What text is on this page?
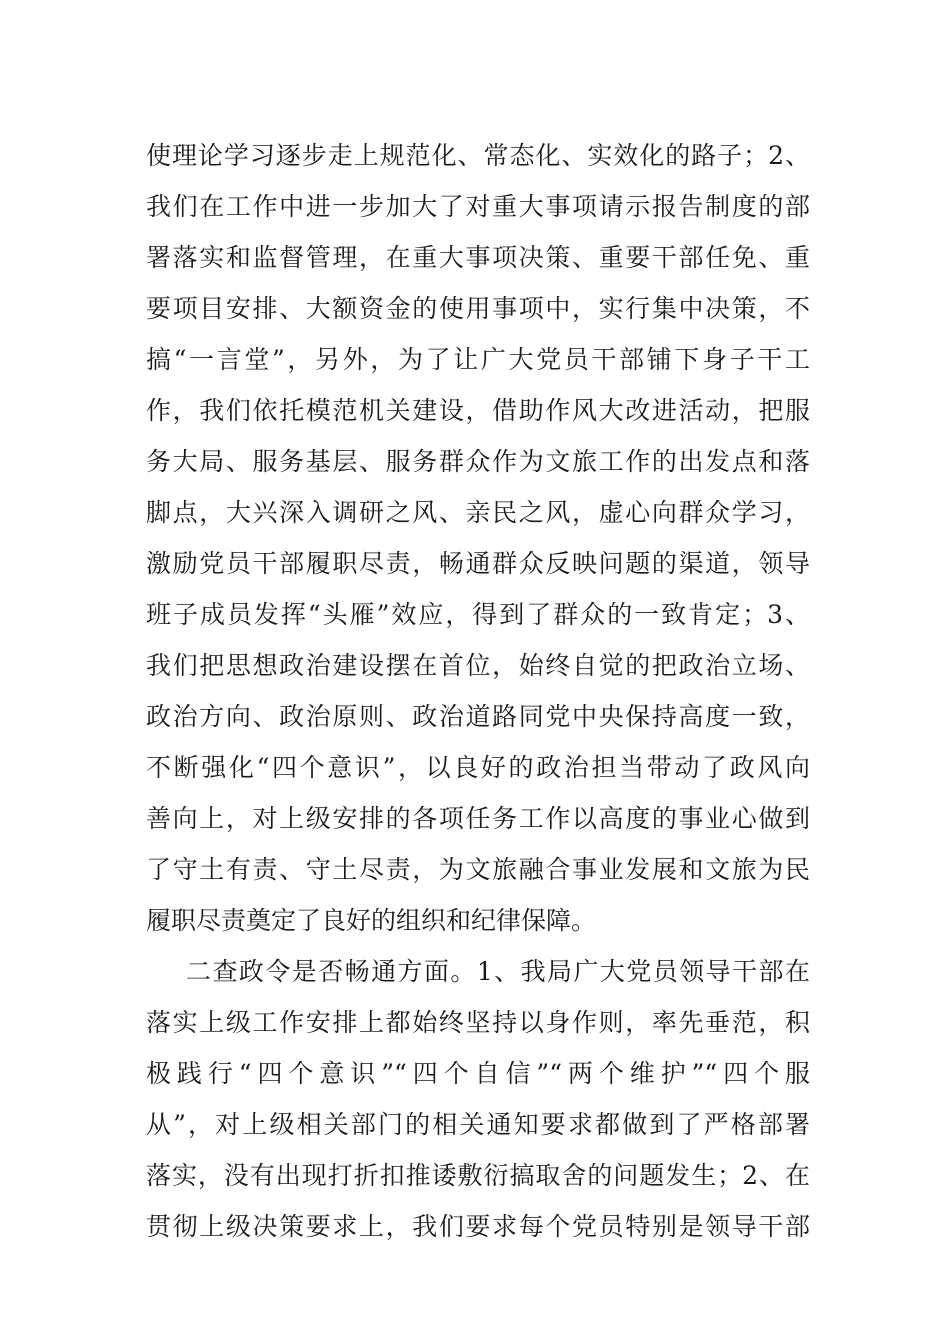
使理论学习逐步走上规范化、常态化、实效化的路子；2、
我们在工作中进一步加大了对重大事项请示报告制度的部
署落实和监督管理，在重大事项决策、重要干部任免、重
要项目安排、大额资金的使用事项中，实行集中决策，不
搞“一言堂”，另外，为了让广大党员干部铺下身子干工
作，我们依托模范机关建设，借助作风大改进活动，把服
务大局、服务基层、服务群众作为文旅工作的出发点和落
脚点，大兴深入调研之风、亲民之风，虚心向群众学习，
激励党员干部履职尽责，畅通群众反映问题的渠道，领导
班子成员发挥“头雁”效应，得到了群众的一致肯定；3、
我们把思想政治建设摆在首位，始终自觉的把政治立场、
政治方向、政治原则、政治道路同党中央保持高度一致，
不断强化“四个意识”，以良好的政治担当带动了政风向
善向上，对上级安排的各项任务工作以高度的事业心做到
了守土有责、守土尽责，为文旅融合事业发展和文旅为民
履职尽责奠定了良好的组织和纪律保障。
二查政令是否畅通方面。1、我局广大党员领导干部在
落实上级工作安排上都始终坚持以身作则，率先垂范，积
极践行“四个意识”“四个自信”“两个维护”“四个服
从”，对上级相关部门的相关通知要求都做到了严格部署
落实，没有出现打折扣推诿敷衍搞取舍的问题发生；2、在
贯彻上级决策要求上，我们要求每个党员特别是领导干部
